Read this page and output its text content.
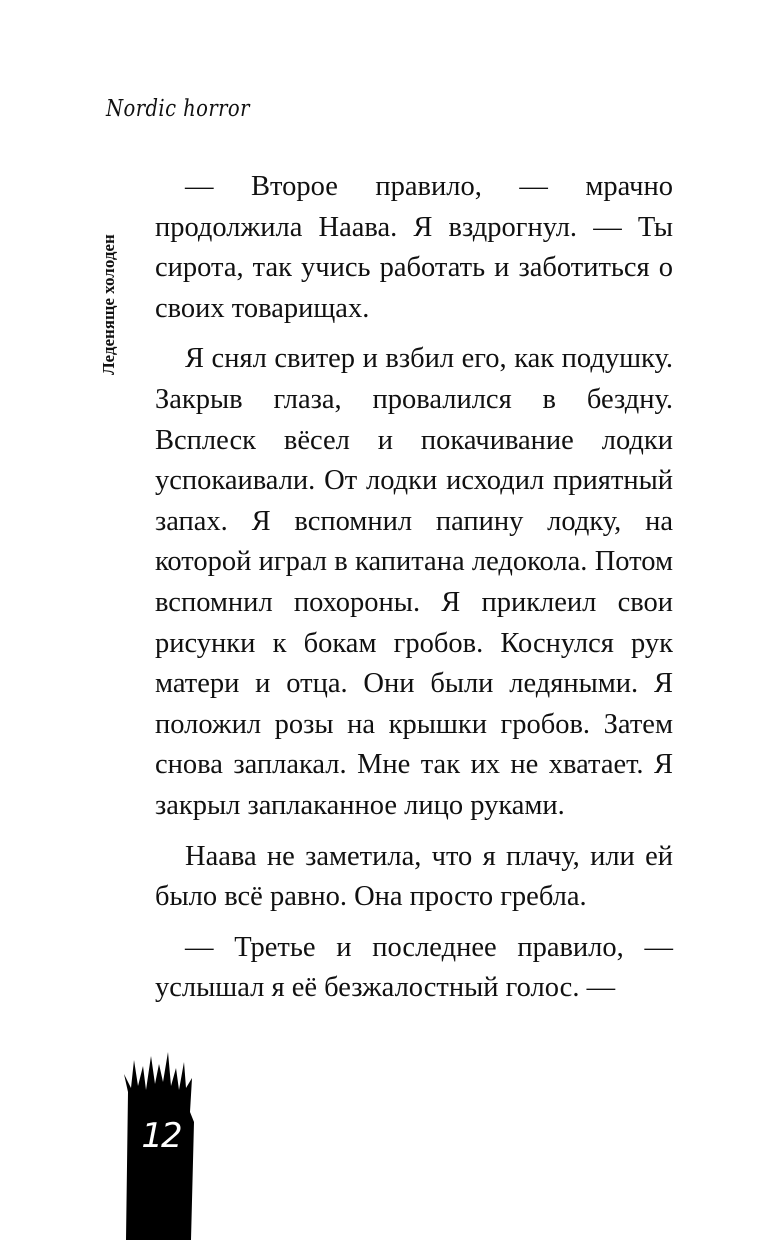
Nordic horror
Леденяще холоден

— Второе правило, — мрачно продолжила Наава. Я вздрогнул. — Ты сирота, так учись работать и заботиться о своих товарищах.

Я снял свитер и взбил его, как подушку. Закрыв глаза, провалился в бездну. Всплеск вёсел и покачивание лодки успокаивали. От лодки исходил приятный запах. Я вспомнил папину лодку, на которой играл в капитана ледокола. Потом вспомнил похороны. Я приклеил свои рисунки к бокам гробов. Коснулся рук матери и отца. Они были ледяными. Я положил розы на крышки гробов. Затем снова заплакал. Мне так их не хватает. Я закрыл заплаканное лицо руками.

Наава не заметила, что я плачу, или ей было всё равно. Она просто гребла.

— Третье и последнее правило, — услышал я её безжалостный голос. —

12
